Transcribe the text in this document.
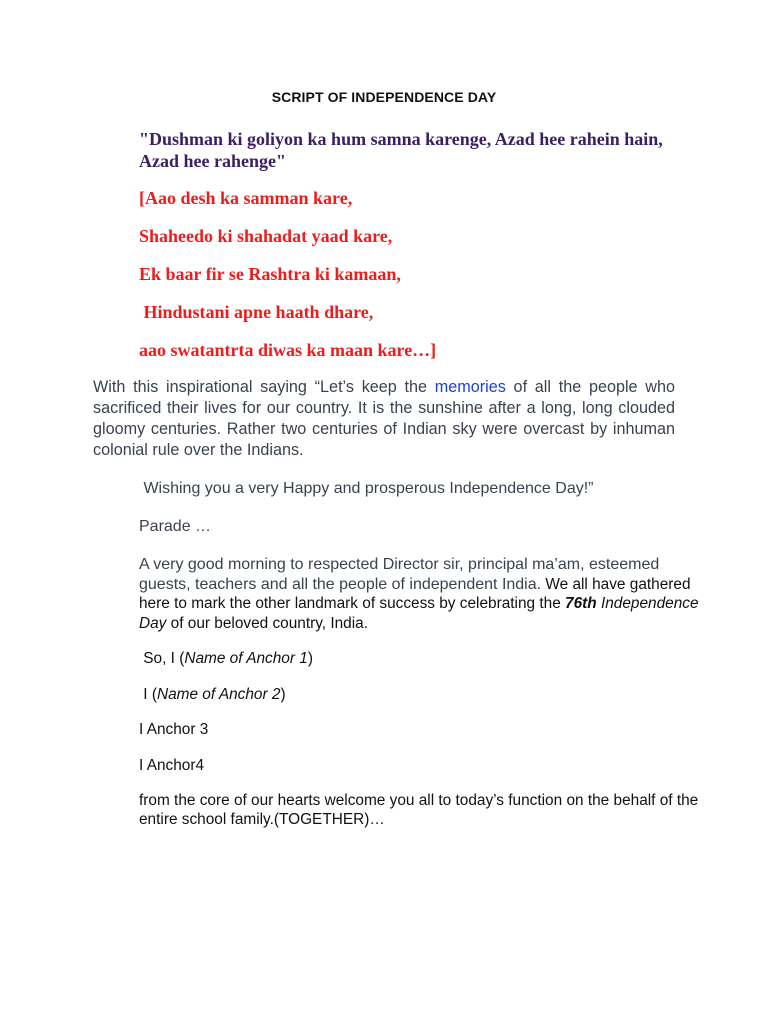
SCRIPT OF INDEPENDENCE DAY
"Dushman ki goliyon ka hum samna karenge, Azad hee rahein hain, Azad hee rahenge"
[Aao desh ka samman kare,
Shaheedo ki shahadat yaad kare,
Ek baar fir se Rashtra ki kamaan,
Hindustani apne haath dhare,
aao swatantrta diwas ka maan kare…]
With this inspirational saying “Let’s keep the memories of all the people who sacrificed their lives for our country. It is the sunshine after a long, long clouded gloomy centuries. Rather two centuries of Indian sky were overcast by inhuman colonial rule over the Indians.
Wishing you a very Happy and prosperous Independence Day!”
Parade …
A very good morning to respected Director sir, principal ma’am, esteemed guests, teachers and all the people of independent India. We all have gathered here to mark the other landmark of success by celebrating the 76th Independence Day of our beloved country, India.
So, I (Name of Anchor 1)
I (Name of Anchor 2)
I Anchor 3
I Anchor4
from the core of our hearts welcome you all to today’s function on the behalf of the entire school family.(TOGETHER)…
